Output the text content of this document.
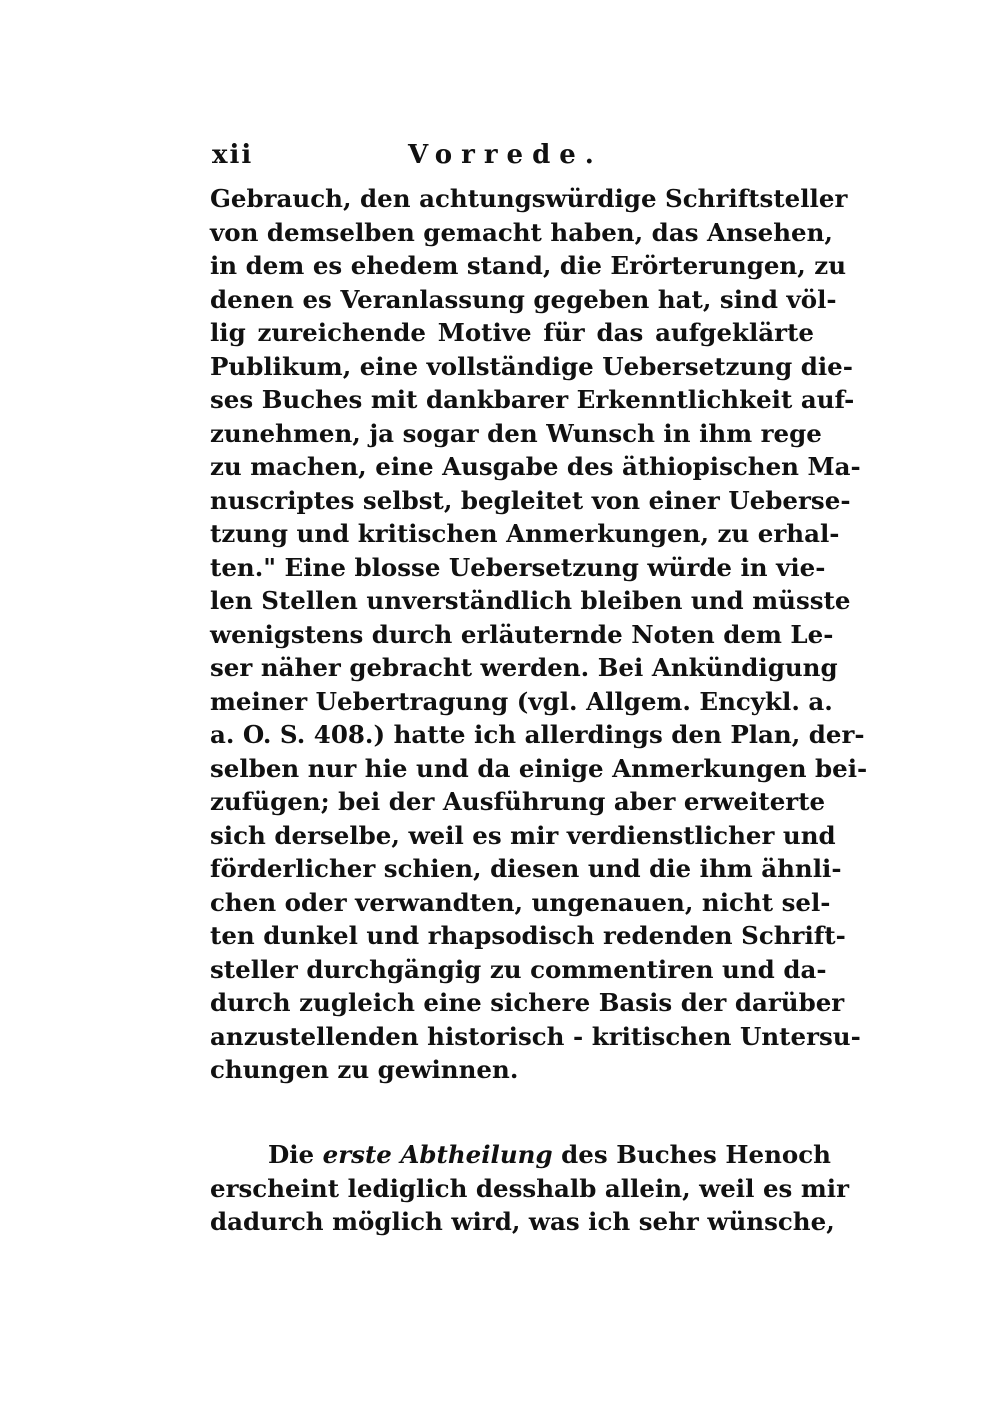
xii	Vorrede.
Gebrauch, den achtungswürdige Schriftsteller
von demselben gemacht haben, das Ansehen,
in dem es ehedem stand, die Erörterungen, zu
denen es Veranlassung gegeben hat, sind völ-
lig zureichende Motive für das aufgeklärte
Publikum, eine vollständige Uebersetzung die-
ses Buches mit dankbarer Erkenntlichkeit auf-
zunehmen, ja sogar den Wunsch in ihm rege
zu machen, eine Ausgabe des äthiopischen Ma-
nuscriptes selbst, begleitet von einer Ueberse-
tzung und kritischen Anmerkungen, zu erhal-
ten." Eine blosse Uebersetzung würde in vie-
len Stellen unverständlich bleiben und müsste
wenigstens durch erläuternde Noten dem Le-
ser näher gebracht werden. Bei Ankündigung
meiner Uebertragung (vgl. Allgem. Encykl. a.
a. O. S. 408.) hatte ich allerdings den Plan, der-
selben nur hie und da einige Anmerkungen bei-
zufügen; bei der Ausführung aber erweiterte
sich derselbe, weil es mir verdienstlicher und
förderlicher schien, diesen und die ihm ähnli-
chen oder verwandten, ungenauen, nicht sel-
ten dunkel und rhapsodisch redenden Schrift-
steller durchgängig zu commentiren und da-
durch zugleich eine sichere Basis der darüber
anzustellenden historisch - kritischen Untersu-
chungen zu gewinnen.
Die erste Abtheilung des Buches Henoch
erscheint lediglich desshalb allein, weil es mir
dadurch möglich wird, was ich sehr wünsche,
